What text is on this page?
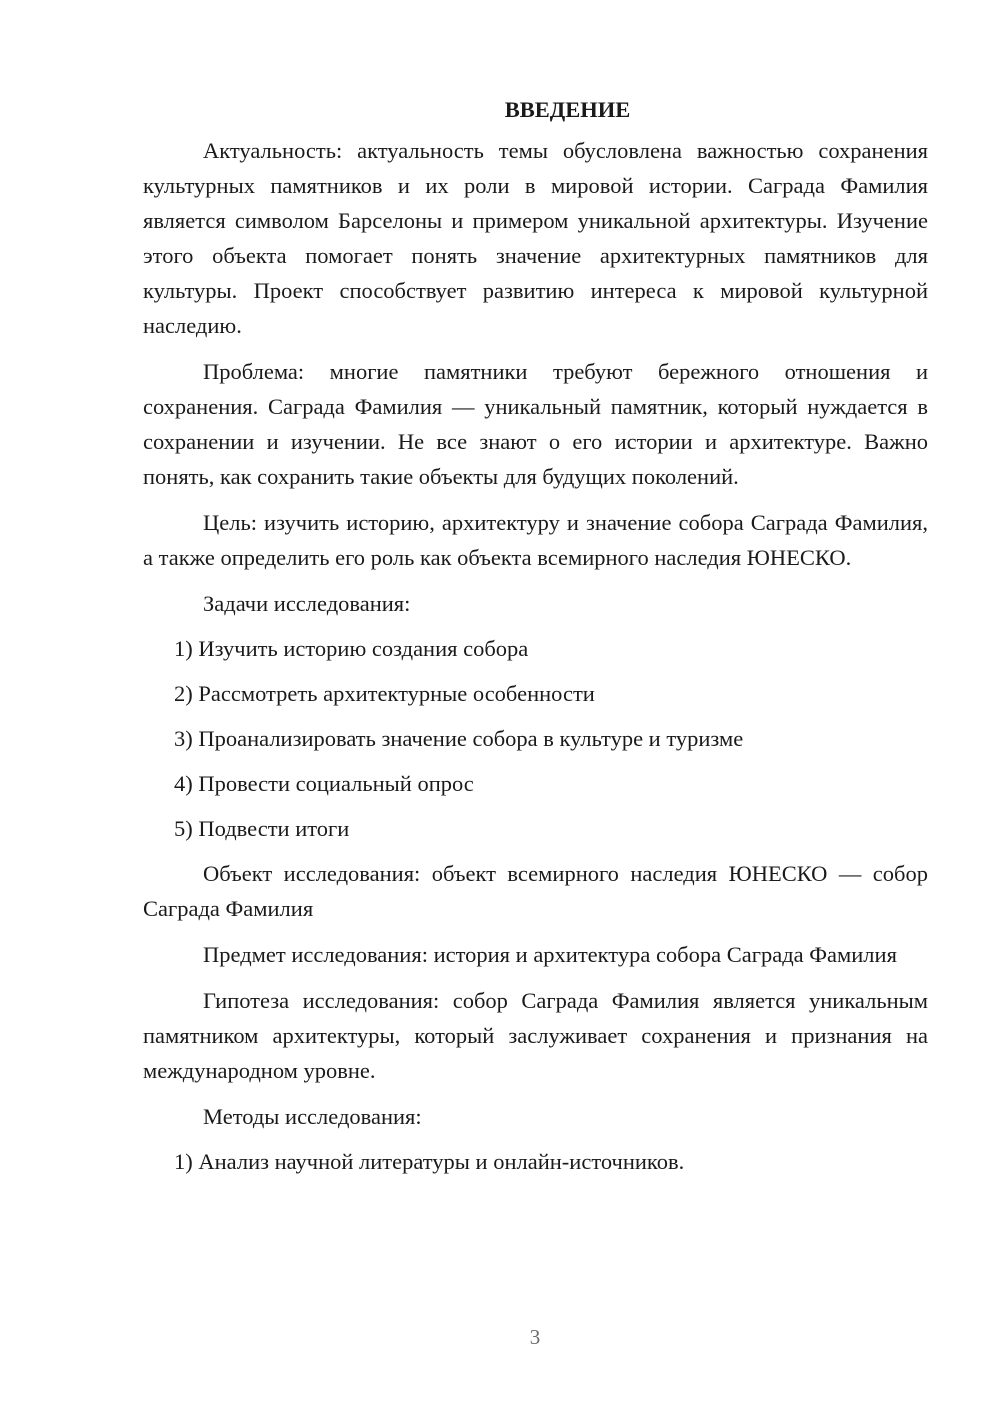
ВВЕДЕНИЕ

Актуальность: актуальность темы обусловлена важностью сохранения культурных памятников и их роли в мировой истории. Саграда Фамилия является символом Барселоны и примером уникальной архитектуры. Изучение этого объекта помогает понять значение архитектурных памятников для культуры. Проект способствует развитию интереса к мировой культурной наследию.

Проблема: многие памятники требуют бережного отношения и сохранения. Саграда Фамилия — уникальный памятник, который нуждается в сохранении и изучении. Не все знают о его истории и архитектуре. Важно понять, как сохранить такие объекты для будущих поколений.

Цель: изучить историю, архитектуру и значение собора Саграда Фамилия, а также определить его роль как объекта всемирного наследия ЮНЕСКО.

Задачи исследования:

1) Изучить историю создания собора

2) Рассмотреть архитектурные особенности

3) Проанализировать значение собора в культуре и туризме

4) Провести социальный опрос

5) Подвести итоги

Объект исследования: объект всемирного наследия ЮНЕСКО — собор Саграда Фамилия

Предмет исследования: история и архитектура собора Саграда Фамилия

Гипотеза исследования: собор Саграда Фамилия является уникальным памятником архитектуры, который заслуживает сохранения и признания на международном уровне.

Методы исследования:

1) Анализ научной литературы и онлайн-источников.

3
